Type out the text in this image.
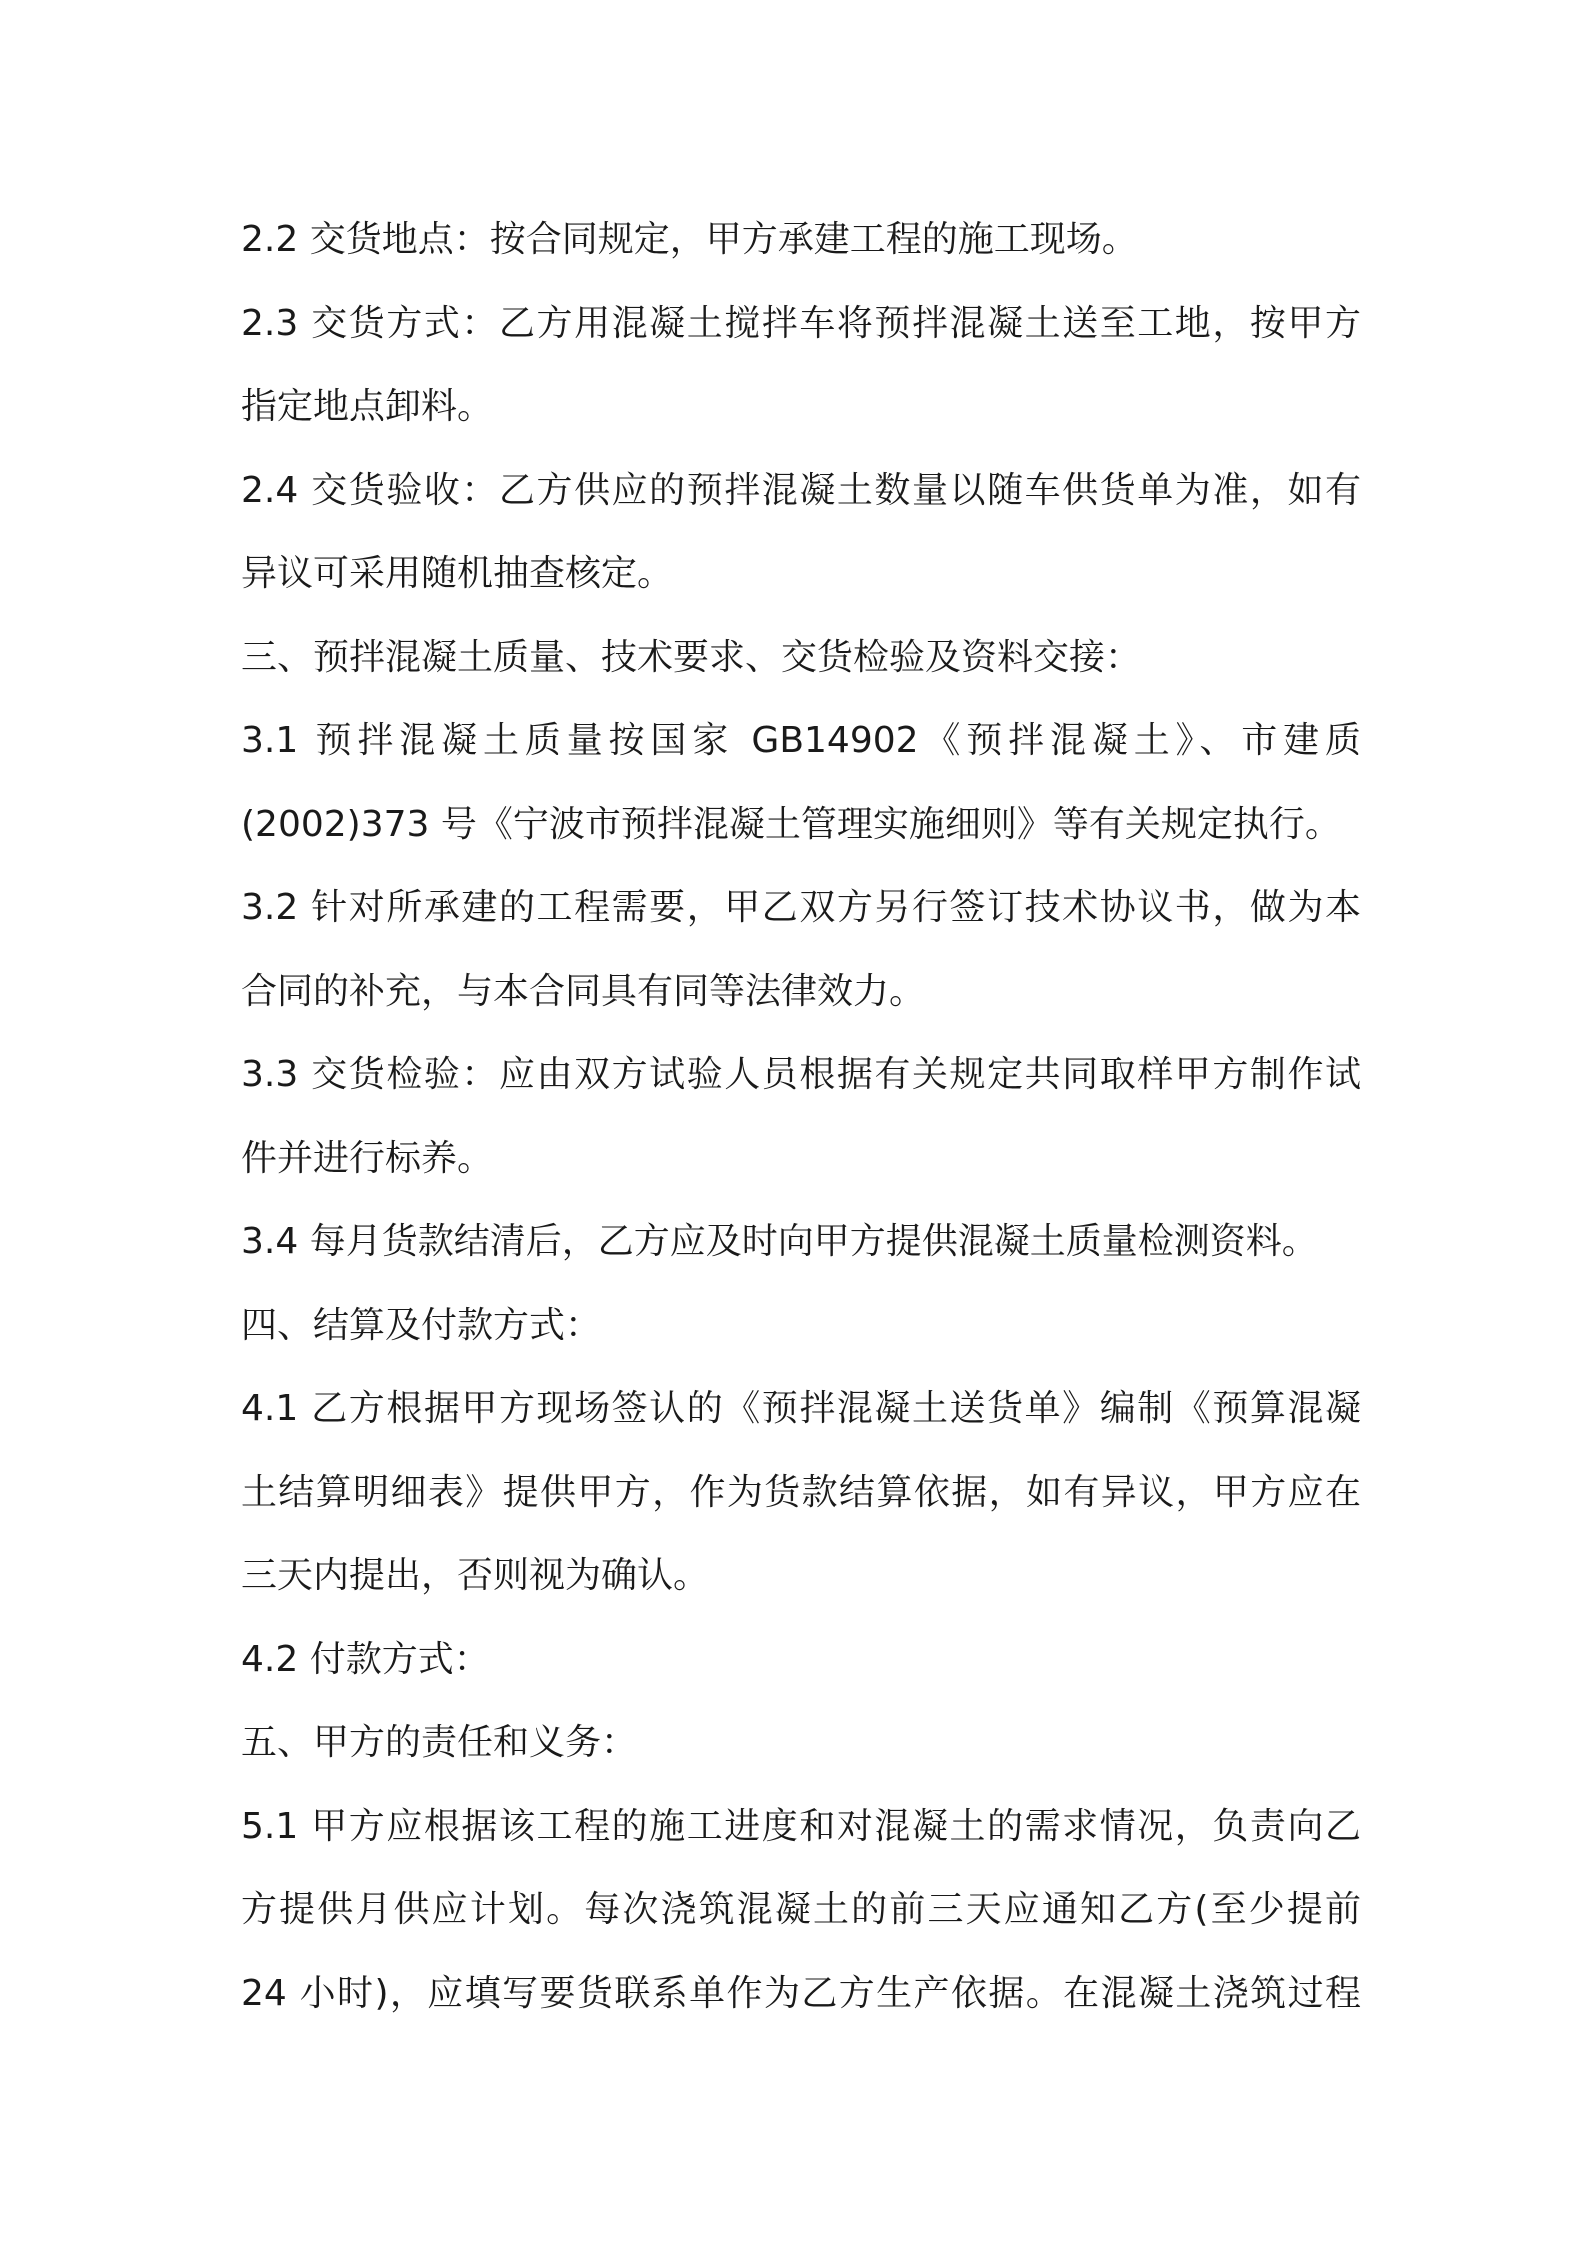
2.2 交货地点：按合同规定，甲方承建工程的施工现场。
2.3 交货方式：乙方用混凝土搅拌车将预拌混凝土送至工地，按甲方
指定地点卸料。
2.4 交货验收：乙方供应的预拌混凝土数量以随车供货单为准，如有
异议可采用随机抽查核定。
三、预拌混凝土质量、技术要求、交货检验及资料交接：
3.1 预拌混凝土质量按国家 GB14902《预拌混凝土》、市建质
(2002)373 号《宁波市预拌混凝土管理实施细则》等有关规定执行。
3.2 针对所承建的工程需要，甲乙双方另行签订技术协议书，做为本
合同的补充，与本合同具有同等法律效力。
3.3 交货检验：应由双方试验人员根据有关规定共同取样甲方制作试
件并进行标养。
3.4 每月货款结清后，乙方应及时向甲方提供混凝土质量检测资料。
四、结算及付款方式：
4.1 乙方根据甲方现场签认的《预拌混凝土送货单》编制《预算混凝
土结算明细表》提供甲方，作为货款结算依据，如有异议，甲方应在
三天内提出，否则视为确认。
4.2 付款方式：
五、甲方的责任和义务：
5.1 甲方应根据该工程的施工进度和对混凝土的需求情况，负责向乙
方提供月供应计划。每次浇筑混凝土的前三天应通知乙方(至少提前
24 小时)，应填写要货联系单作为乙方生产依据。在混凝土浇筑过程
